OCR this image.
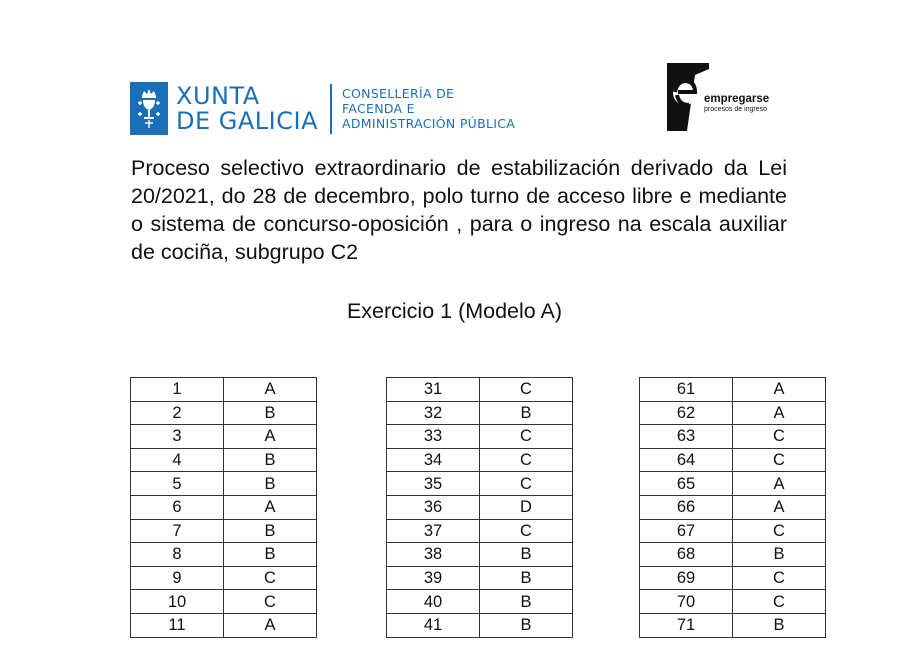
XUNTA
DE GALICIA
CONSELLERÍA DE
FACENDA E
ADMINISTRACIÓN PÚBLICA
empregarse
procesos de ingreso

Proceso selectivo extraordinario de estabilización derivado da Lei 20/2021, do 28 de decembro, polo turno de acceso libre e mediante o sistema de concurso-oposición , para o ingreso na escala auxiliar de cociña, subgrupo C2

Exercicio 1 (Modelo A)

1	A
2	B
3	A
4	B
5	B
6	A
7	B
8	B
9	C
10	C
11	A
31	C
32	B
33	C
34	C
35	C
36	D
37	C
38	B
39	B
40	B
41	B
61	A
62	A
63	C
64	C
65	A
66	A
67	C
68	B
69	C
70	C
71	B
